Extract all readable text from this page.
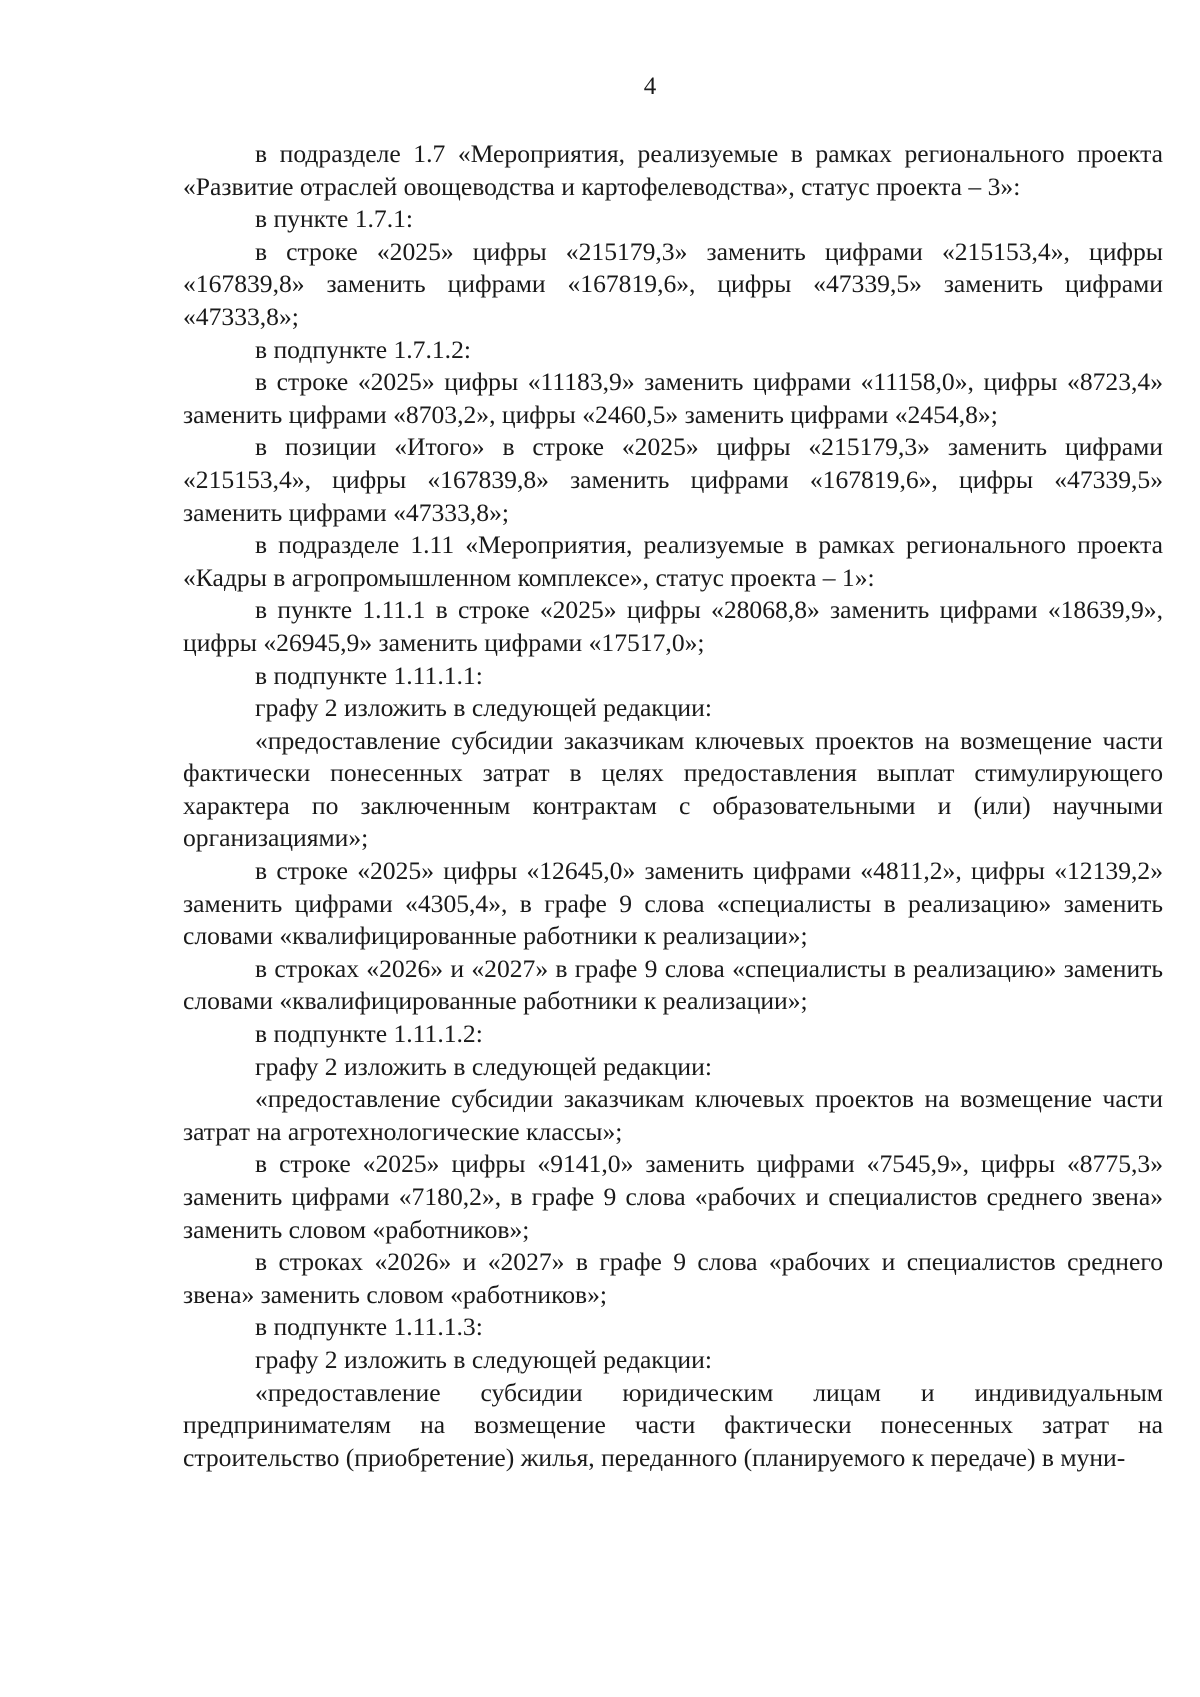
4

в подразделе 1.7 «Мероприятия, реализуемые в рамках регионального проекта «Развитие отраслей овощеводства и картофелеводства», статус проекта – 3»:

в пункте 1.7.1:

в строке «2025» цифры «215179,3» заменить цифрами «215153,4», цифры «167839,8» заменить цифрами «167819,6», цифры «47339,5» заменить цифрами «47333,8»;

в подпункте 1.7.1.2:

в строке «2025» цифры «11183,9» заменить цифрами «11158,0», цифры «8723,4» заменить цифрами «8703,2», цифры «2460,5» заменить цифрами «2454,8»;

в позиции «Итого» в строке «2025» цифры «215179,3» заменить цифрами «215153,4», цифры «167839,8» заменить цифрами «167819,6», цифры «47339,5» заменить цифрами «47333,8»;

в подразделе 1.11 «Мероприятия, реализуемые в рамках регионального проекта «Кадры в агропромышленном комплексе», статус проекта – 1»:

в пункте 1.11.1 в строке «2025» цифры «28068,8» заменить цифрами «18639,9», цифры «26945,9» заменить цифрами «17517,0»;

в подпункте 1.11.1.1:

графу 2 изложить в следующей редакции:

«предоставление субсидии заказчикам ключевых проектов на возмещение части фактически понесенных затрат в целях предоставления выплат стимулирующего характера по заключенным контрактам с образовательными и (или) научными организациями»;

в строке «2025» цифры «12645,0» заменить цифрами «4811,2», цифры «12139,2» заменить цифрами «4305,4», в графе 9 слова «специалисты в реализацию» заменить словами «квалифицированные работники к реализации»;

в строках «2026» и «2027» в графе 9 слова «специалисты в реализацию» заменить словами «квалифицированные работники к реализации»;

в подпункте 1.11.1.2:

графу 2 изложить в следующей редакции:

«предоставление субсидии заказчикам ключевых проектов на возмещение части затрат на агротехнологические классы»;

в строке «2025» цифры «9141,0» заменить цифрами «7545,9», цифры «8775,3» заменить цифрами «7180,2», в графе 9 слова «рабочих и специалистов среднего звена» заменить словом «работников»;

в строках «2026» и «2027» в графе 9 слова «рабочих и специалистов среднего звена» заменить словом «работников»;

в подпункте 1.11.1.3:

графу 2 изложить в следующей редакции:

«предоставление субсидии юридическим лицам и индивидуальным предпринимателям на возмещение части фактически понесенных затрат на строительство (приобретение) жилья, переданного (планируемого к передаче) в муни-
